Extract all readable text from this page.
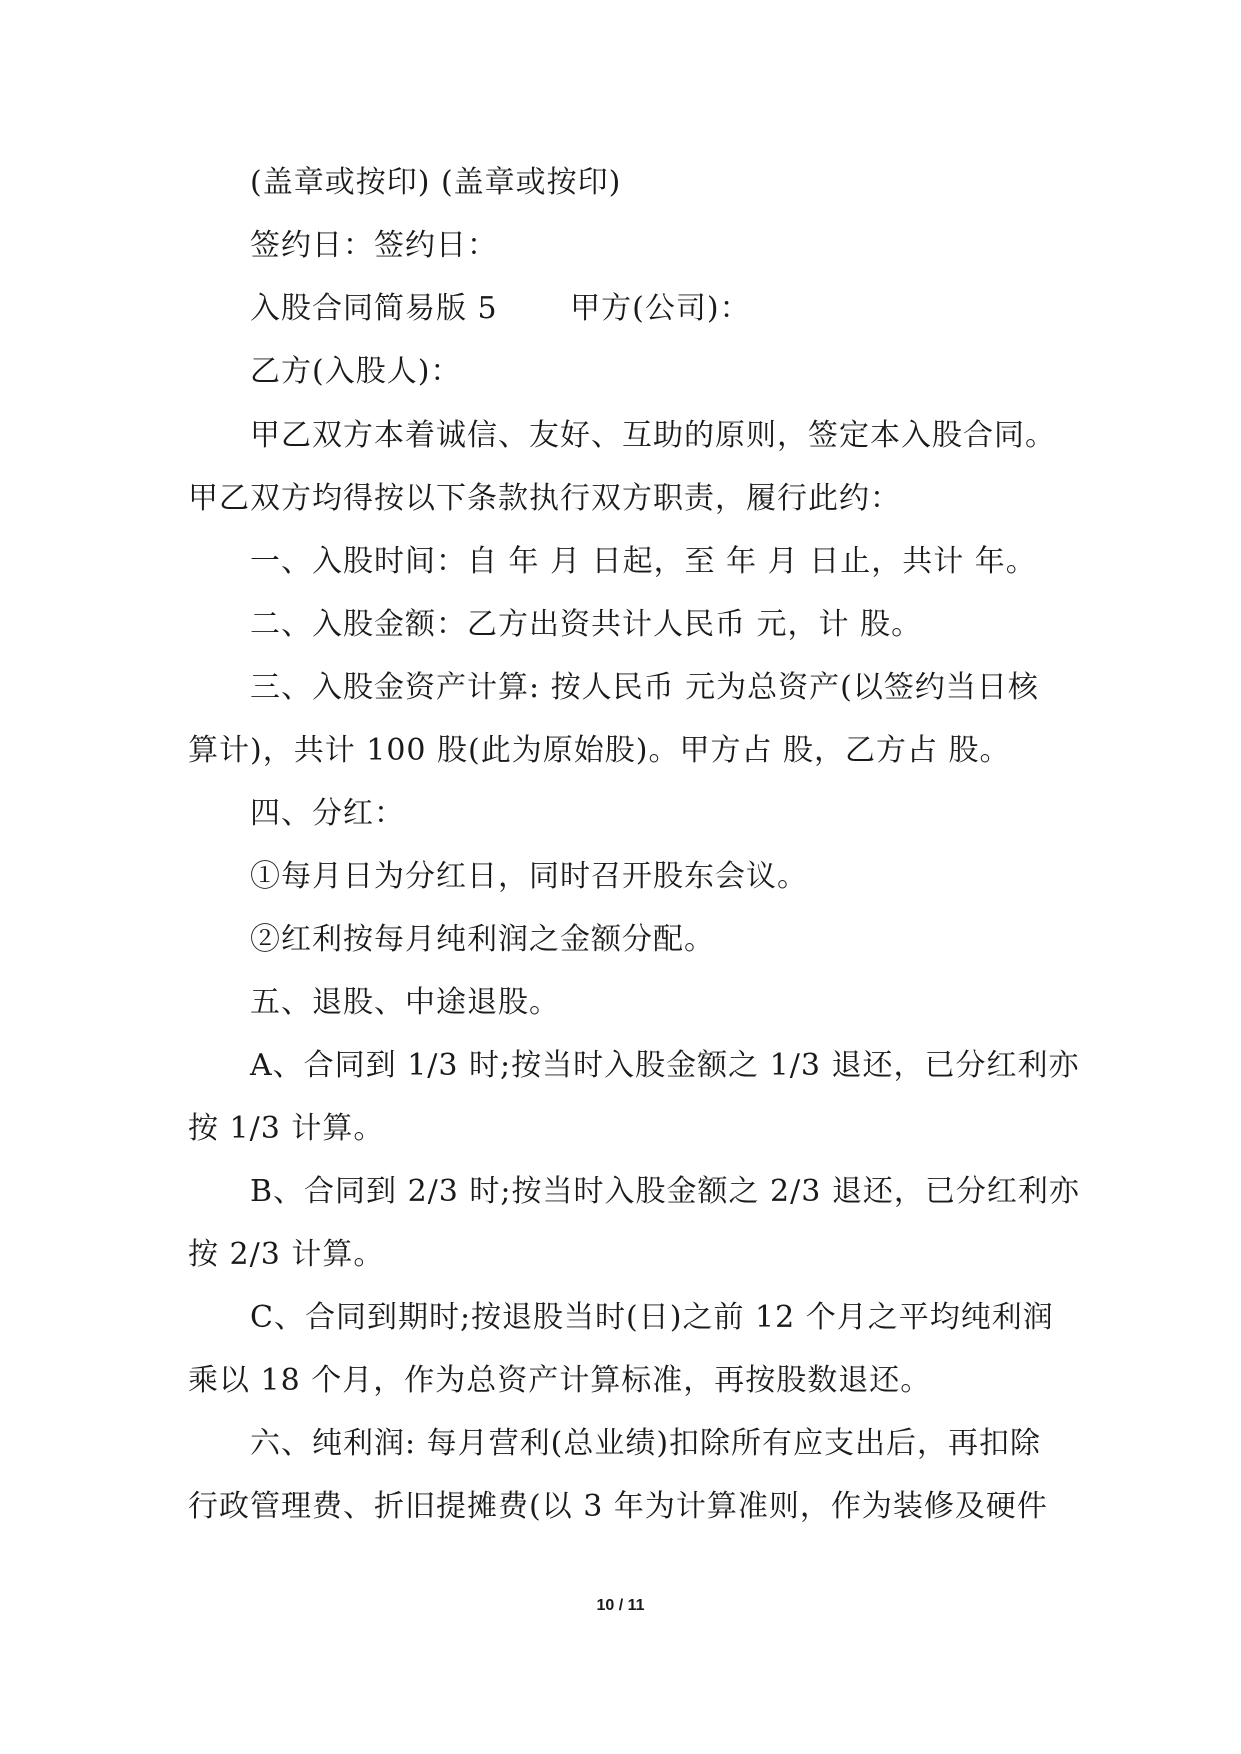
(盖章或按印) (盖章或按印)
签约日：签约日：
入股合同简易版 5　　 甲方(公司)：
乙方(入股人)：
甲乙双方本着诚信、友好、互助的原则，签定本入股合同。
甲乙双方均得按以下条款执行双方职责，履行此约：
一、入股时间：自 年 月 日起，至 年 月 日止，共计 年。
二、入股金额：乙方出资共计人民币 元，计 股。
三、入股金资产计算: 按人民币 元为总资产(以签约当日核
算计)，共计 100 股(此为原始股)。甲方占 股，乙方占 股。
四、分红：
①每月日为分红日，同时召开股东会议。
②红利按每月纯利润之金额分配。
五、退股、中途退股。
A、合同到 1/3 时;按当时入股金额之 1/3 退还，已分红利亦
按 1/3 计算。
B、合同到 2/3 时;按当时入股金额之 2/3 退还，已分红利亦
按 2/3 计算。
C、合同到期时;按退股当时(日)之前 12 个月之平均纯利润
乘以 18 个月，作为总资产计算标准，再按股数退还。
六、纯利润: 每月营利(总业绩)扣除所有应支出后，再扣除
行政管理费、折旧提摊费(以 3 年为计算准则，作为装修及硬件
10 / 11
